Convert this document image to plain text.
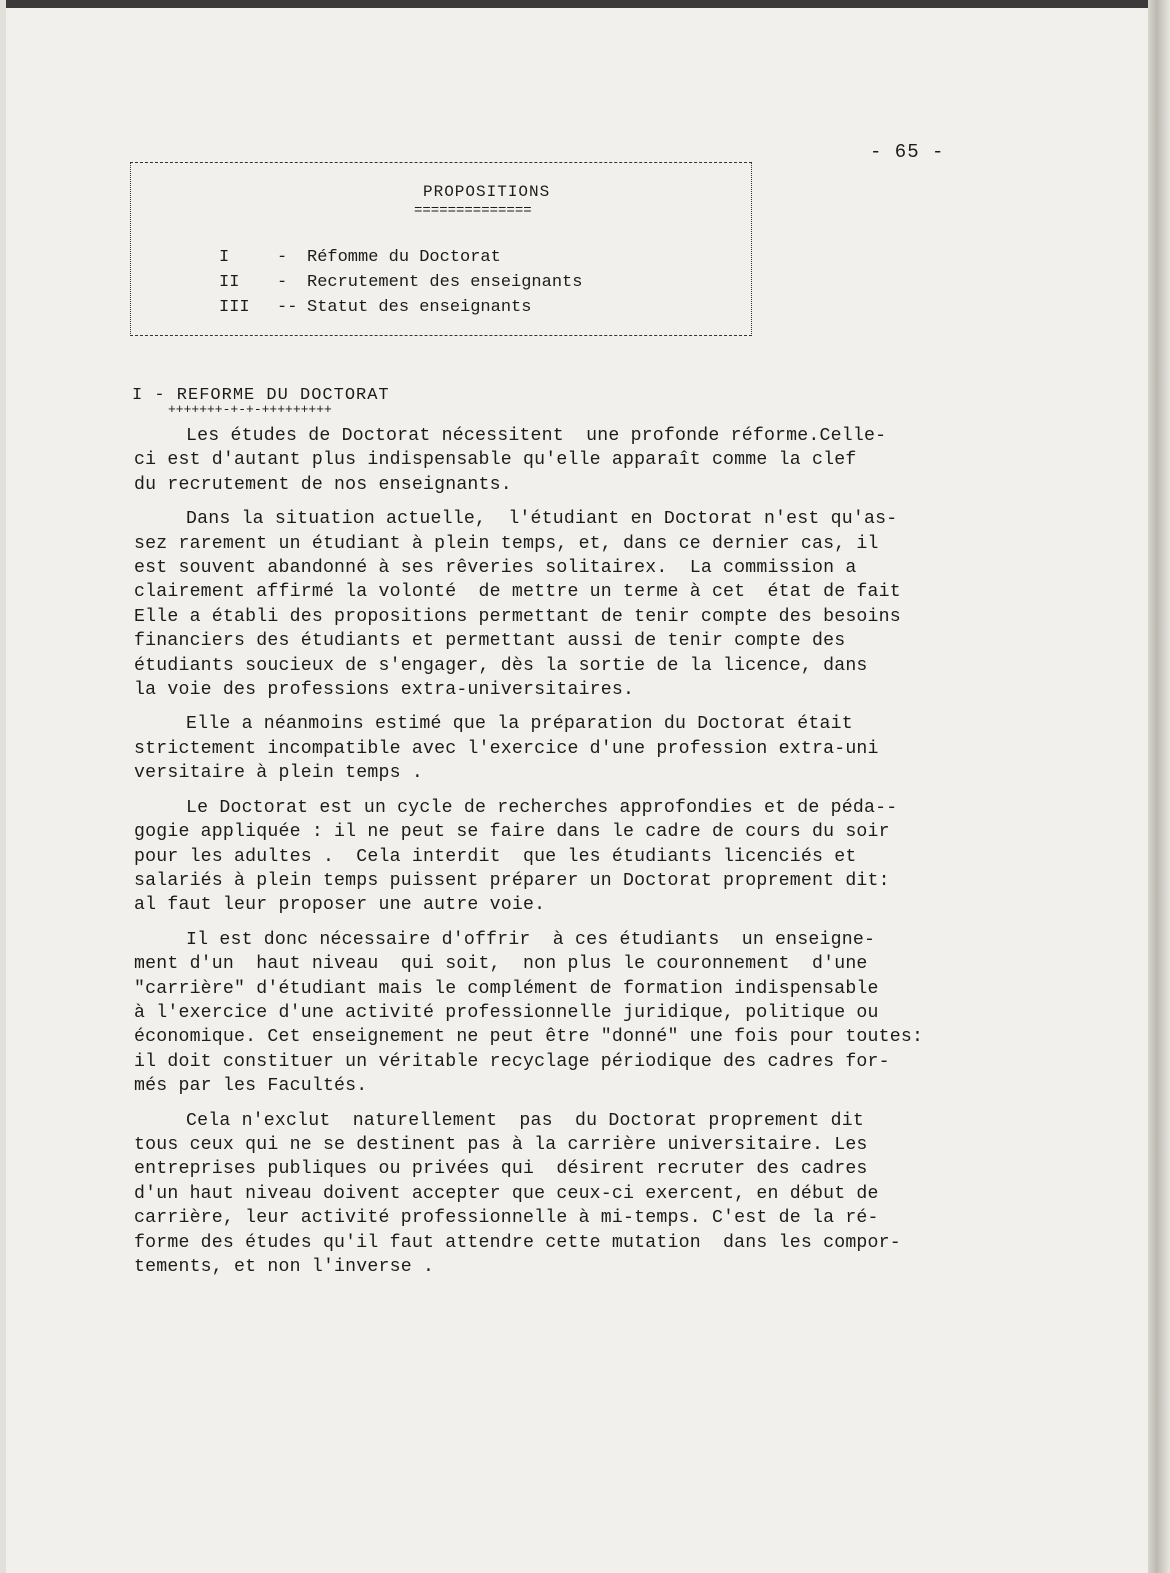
- 65 -
PROPOSITIONS
==============
I	-	Réfomme du Doctorat
II	-	Recrutement des enseignants
III	-- Statut des enseignants
I - REFORME DU DOCTORAT
+++++++-+-+-+++++++++
Les études de Doctorat nécessitent  une profonde réforme.Celle-
ci est d'autant plus indispensable qu'elle apparaît comme la clef
du recrutement de nos enseignants.
Dans la situation actuelle,  l'étudiant en Doctorat n'est qu'as-
sez rarement un étudiant à plein temps, et, dans ce dernier cas, il
est souvent abandonné à ses rêveries solitairex.  La commission a
clairement affirmé la volonté  de mettre un terme à cet  état de fait
Elle a établi des propositions permettant de tenir compte des besoins
financiers des étudiants et permettant aussi de tenir compte des
étudiants soucieux de s'engager, dès la sortie de la licence, dans
la voie des professions extra-universitaires.
Elle a néanmoins estimé que la préparation du Doctorat était
strictement incompatible avec l'exercice d'une profession extra-uni
versitaire à plein temps .
Le Doctorat est un cycle de recherches approfondies et de péda--
gogie appliquée : il ne peut se faire dans le cadre de cours du soir
pour les adultes .  Cela interdit  que les étudiants licenciés et
salariés à plein temps puissent préparer un Doctorat proprement dit:
al faut leur proposer une autre voie.
Il est donc nécessaire d'offrir  à ces étudiants  un enseigne-
ment d'un  haut niveau  qui soit,  non plus le couronnement  d'une
"carrière" d'étudiant mais le complément de formation indispensable
à l'exercice d'une activité professionnelle juridique, politique ou
économique. Cet enseignement ne peut être "donné" une fois pour toutes:
il doit constituer un véritable recyclage périodique des cadres for-
més par les Facultés.
Cela n'exclut  naturellement  pas  du Doctorat proprement dit
tous ceux qui ne se destinent pas à la carrière universitaire. Les
entreprises publiques ou privées qui  désirent recruter des cadres
d'un haut niveau doivent accepter que ceux-ci exercent, en début de
carrière, leur activité professionnelle à mi-temps. C'est de la ré-
forme des études qu'il faut attendre cette mutation  dans les compor-
tements, et non l'inverse .
